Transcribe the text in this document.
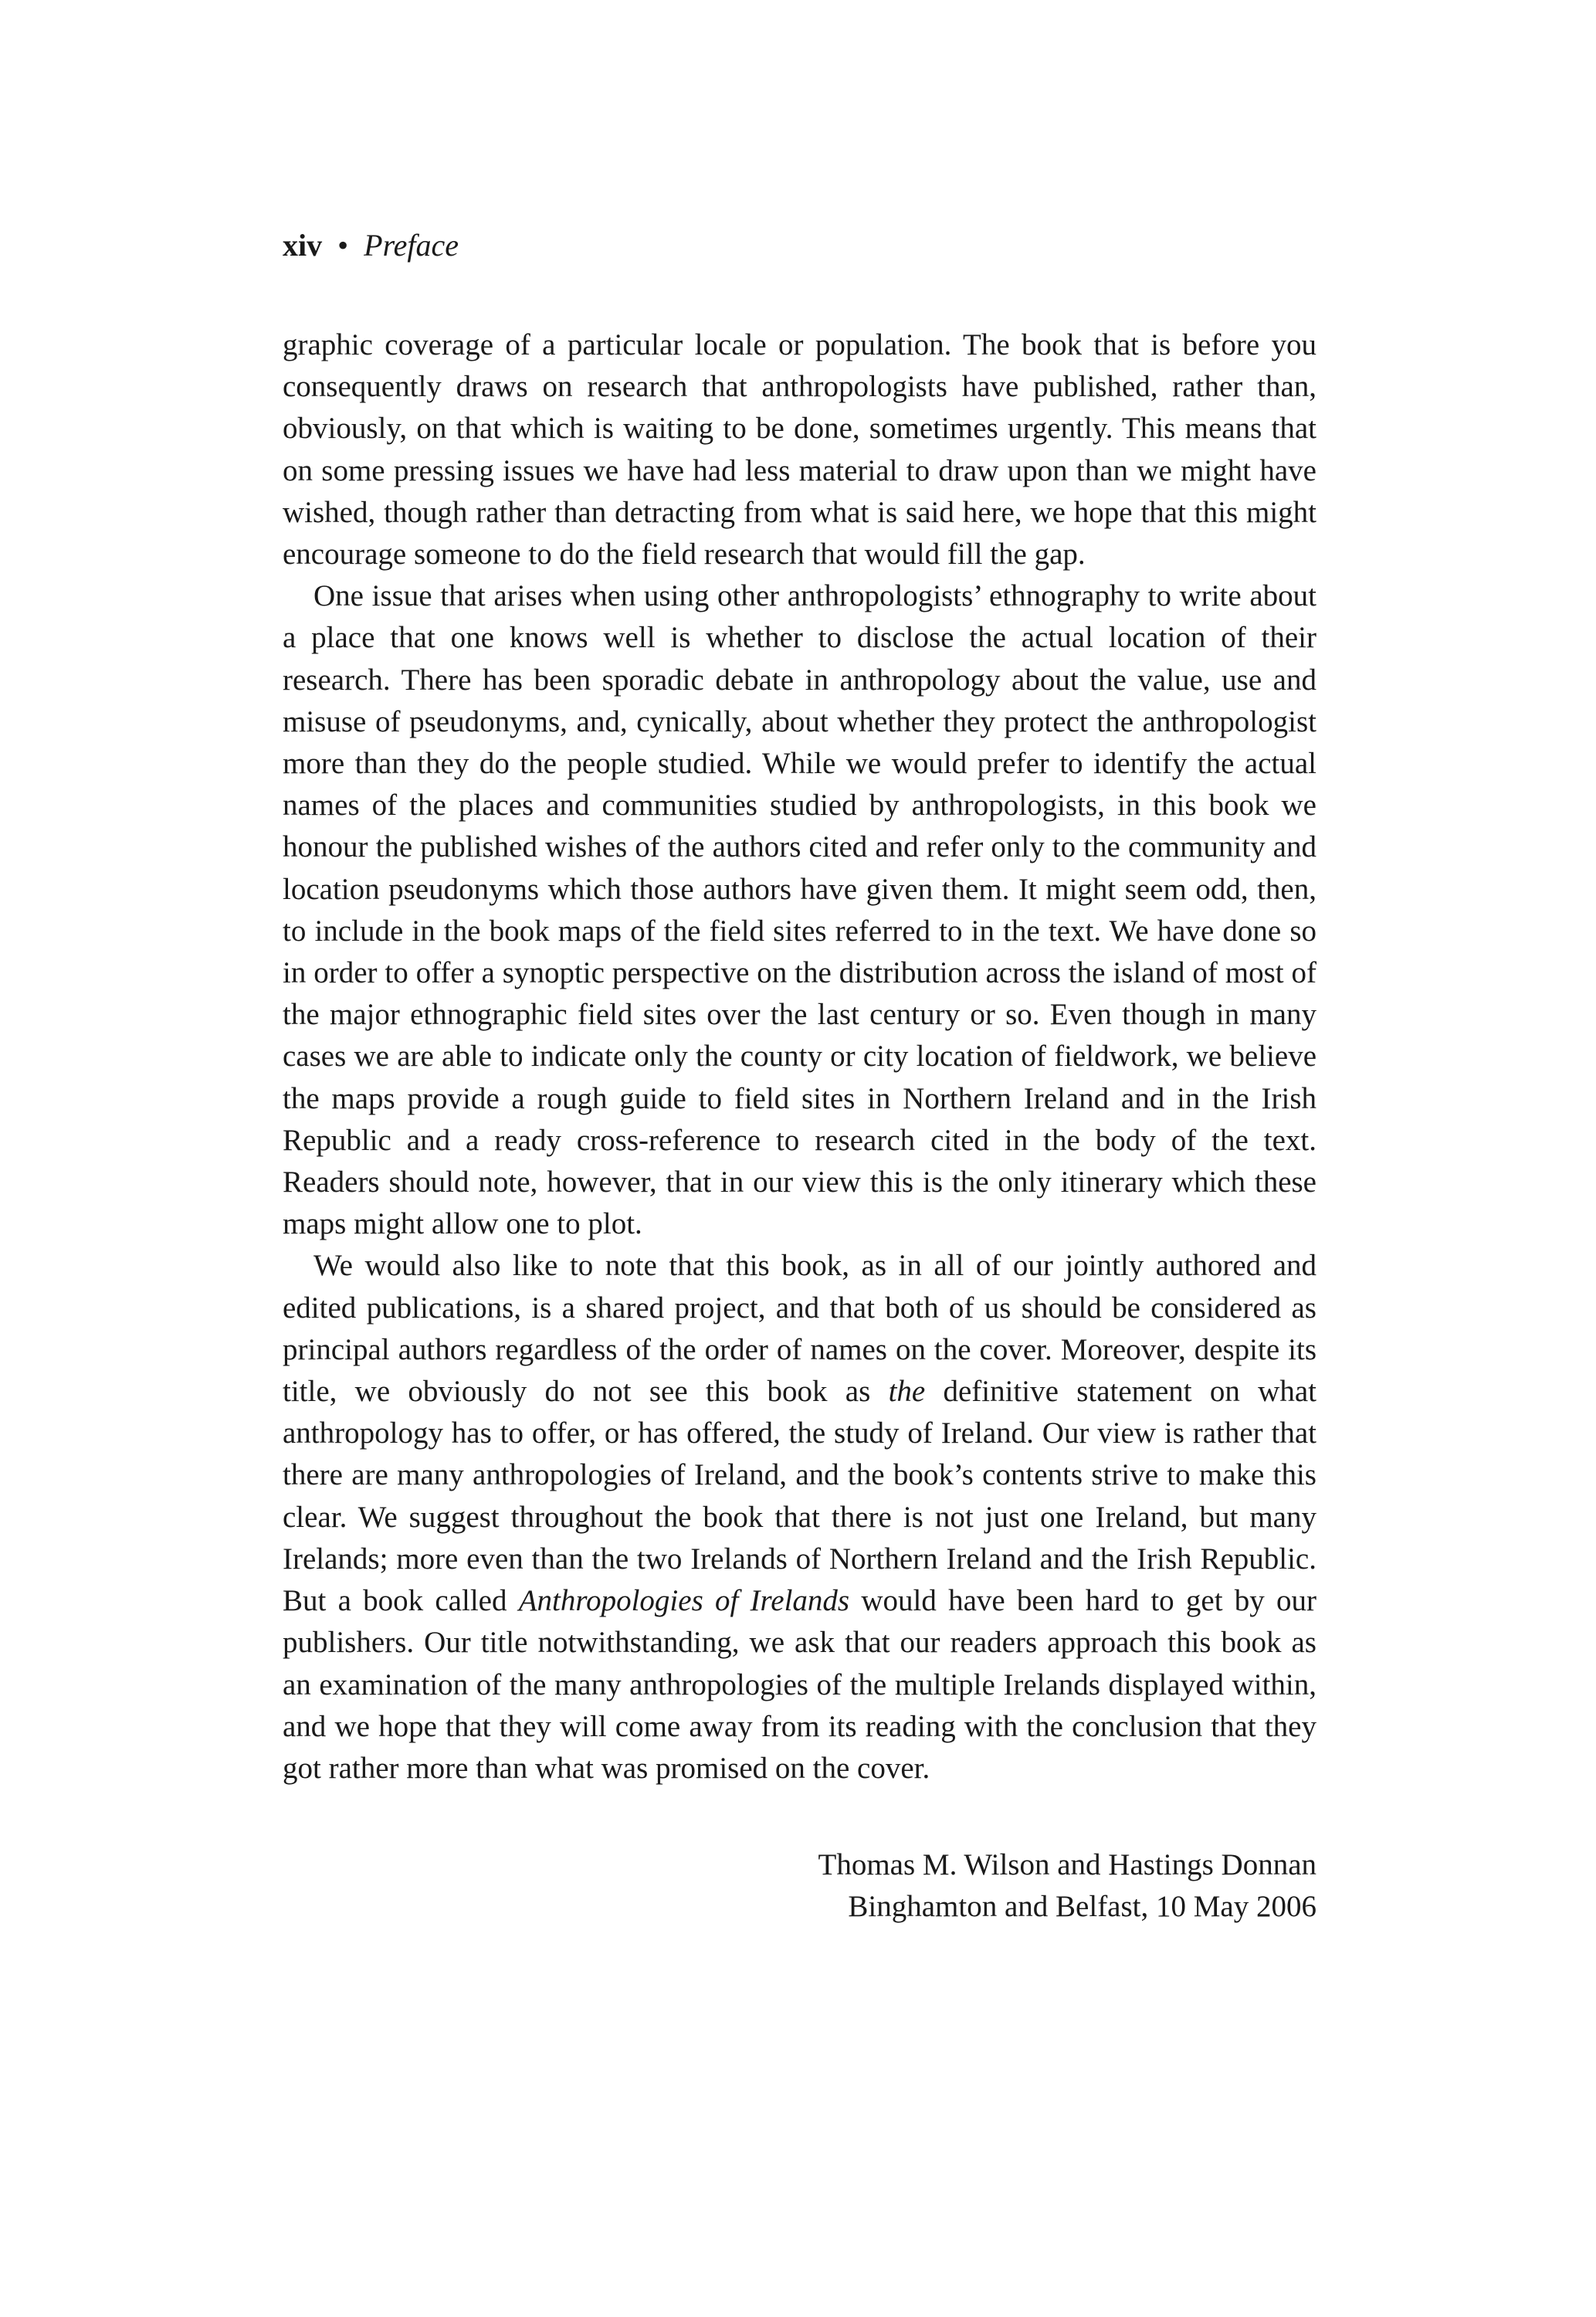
xiv • Preface

graphic coverage of a particular locale or population. The book that is before you consequently draws on research that anthropologists have published, rather than, obviously, on that which is waiting to be done, sometimes urgently. This means that on some pressing issues we have had less material to draw upon than we might have wished, though rather than detracting from what is said here, we hope that this might encourage someone to do the field research that would fill the gap.

One issue that arises when using other anthropologists’ ethnography to write about a place that one knows well is whether to disclose the actual location of their research. There has been sporadic debate in anthropology about the value, use and misuse of pseudonyms, and, cynically, about whether they protect the anthropologist more than they do the people studied. While we would prefer to identify the actual names of the places and communities studied by anthropologists, in this book we honour the published wishes of the authors cited and refer only to the community and location pseudonyms which those authors have given them. It might seem odd, then, to include in the book maps of the field sites referred to in the text. We have done so in order to offer a synoptic perspective on the distribution across the island of most of the major ethnographic field sites over the last century or so. Even though in many cases we are able to indicate only the county or city location of fieldwork, we believe the maps provide a rough guide to field sites in Northern Ireland and in the Irish Republic and a ready cross-reference to research cited in the body of the text. Readers should note, however, that in our view this is the only itinerary which these maps might allow one to plot.

We would also like to note that this book, as in all of our jointly authored and edited publications, is a shared project, and that both of us should be considered as principal authors regardless of the order of names on the cover. Moreover, despite its title, we obviously do not see this book as the definitive statement on what anthropology has to offer, or has offered, the study of Ireland. Our view is rather that there are many anthropologies of Ireland, and the book’s contents strive to make this clear. We suggest throughout the book that there is not just one Ireland, but many Irelands; more even than the two Irelands of Northern Ireland and the Irish Republic. But a book called Anthropologies of Irelands would have been hard to get by our publishers. Our title notwithstanding, we ask that our readers approach this book as an examination of the many anthropologies of the multiple Irelands displayed within, and we hope that they will come away from its reading with the conclusion that they got rather more than what was promised on the cover.

Thomas M. Wilson and Hastings Donnan
Binghamton and Belfast, 10 May 2006
